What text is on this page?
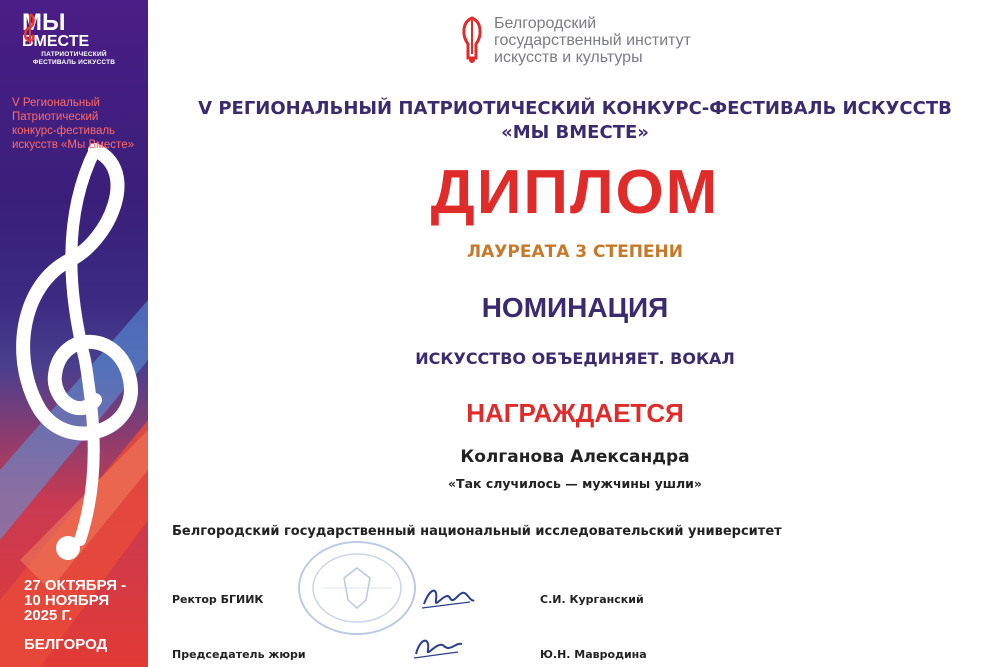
МЫ
ВМЕСТЕ
ПАТРИОТИЧЕСКИЙ
ФЕСТИВАЛЬ ИСКУССТВ
V Региональный Патриотический конкурс-фестиваль искусств «Мы Вместе»
27 ОКТЯБРЯ -
10 НОЯБРЯ
2025 Г.
БЕЛГОРОД
Белгородский
государственный институт
искусств и культуры
V РЕГИОНАЛЬНЫЙ ПАТРИОТИЧЕСКИЙ КОНКУРС-ФЕСТИВАЛЬ ИСКУССТВ
«МЫ ВМЕСТЕ»
ДИПЛОМ
ЛАУРЕАТА 3 СТЕПЕНИ
НОМИНАЦИЯ
ИСКУССТВО ОБЪЕДИНЯЕТ. ВОКАЛ
НАГРАЖДАЕТСЯ
Колганова Александра
«Так случилось — мужчины ушли»
Белгородский государственный национальный исследовательский университет
Ректор БГИИК	С.И. Курганский
Председатель жюри	Ю.Н. Мавродина
